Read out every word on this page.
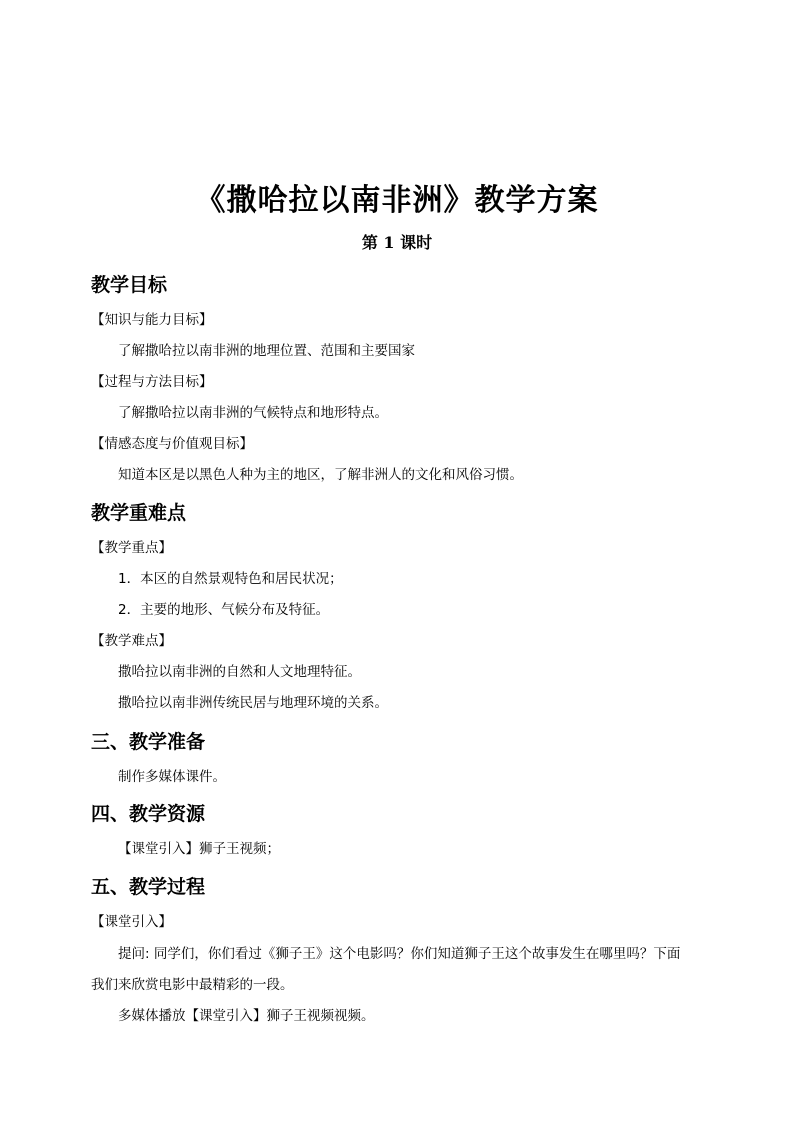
《撒哈拉以南非洲》教学方案
第 1 课时
教学目标
【知识与能力目标】
了解撒哈拉以南非洲的地理位置、范围和主要国家
【过程与方法目标】
了解撒哈拉以南非洲的气候特点和地形特点。
【情感态度与价值观目标】
知道本区是以黑色人种为主的地区，了解非洲人的文化和风俗习惯。
教学重难点
【教学重点】
1．本区的自然景观特色和居民状况；
2．主要的地形、气候分布及特征。
【教学难点】
撒哈拉以南非洲的自然和人文地理特征。
撒哈拉以南非洲传统民居与地理环境的关系。
三、教学准备
制作多媒体课件。
四、教学资源
【课堂引入】狮子王视频；
五、教学过程
【课堂引入】
提问: 同学们，你们看过《狮子王》这个电影吗？你们知道狮子王这个故事发生在哪里吗？下面
我们来欣赏电影中最精彩的一段。
多媒体播放【课堂引入】狮子王视频视频。
